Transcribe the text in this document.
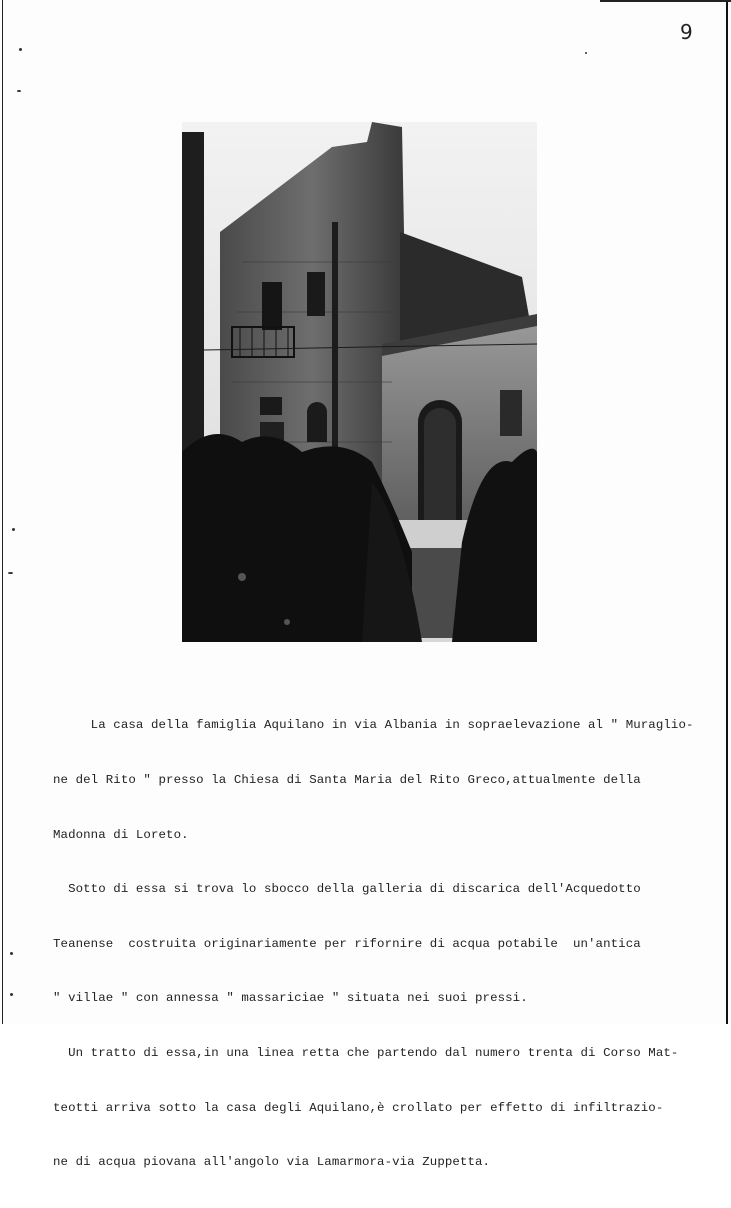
9

La casa della famiglia Aquilano in via Albania in sopraelevazione al " Muraglio-

ne del Rito " presso la Chiesa di Santa Maria del Rito Greco,attualmente della

Madonna di Loreto.

Sotto di essa si trova lo sbocco della galleria di discarica dell'Acquedotto

Teanense  costruita originariamente per rifornire di acqua potabile  un'antica

" villae " con annessa " massariciae " situata nei suoi pressi.

Un tratto di essa,in una linea retta che partendo dal numero trenta di Corso Mat-

teotti arriva sotto la casa degli Aquilano,è crollato per effetto di infiltrazio-

ne di acqua piovana all'angolo via Lamarmora-via Zuppetta.
